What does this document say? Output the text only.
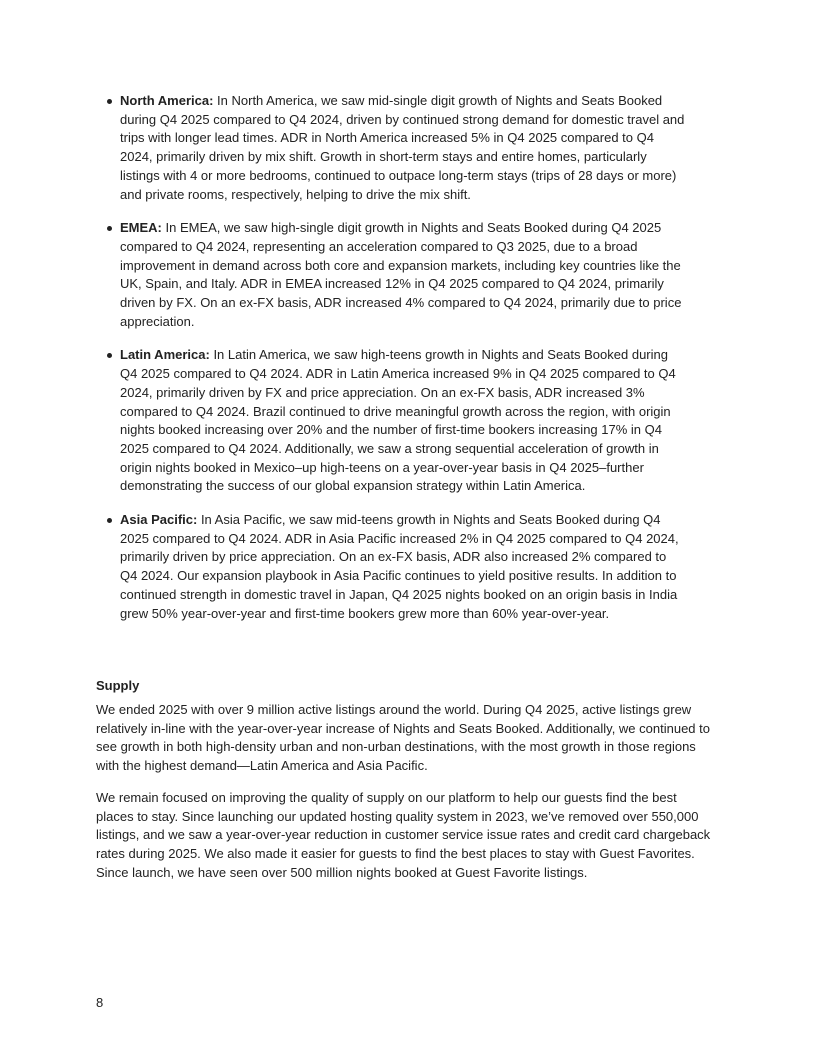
North America: In North America, we saw mid-single digit growth of Nights and Seats Booked during Q4 2025 compared to Q4 2024, driven by continued strong demand for domestic travel and trips with longer lead times. ADR in North America increased 5% in Q4 2025 compared to Q4 2024, primarily driven by mix shift. Growth in short-term stays and entire homes, particularly listings with 4 or more bedrooms, continued to outpace long-term stays (trips of 28 days or more) and private rooms, respectively, helping to drive the mix shift.
EMEA: In EMEA, we saw high-single digit growth in Nights and Seats Booked during Q4 2025 compared to Q4 2024, representing an acceleration compared to Q3 2025, due to a broad improvement in demand across both core and expansion markets, including key countries like the UK, Spain, and Italy. ADR in EMEA increased 12% in Q4 2025 compared to Q4 2024, primarily driven by FX. On an ex-FX basis, ADR increased 4% compared to Q4 2024, primarily due to price appreciation.
Latin America: In Latin America, we saw high-teens growth in Nights and Seats Booked during Q4 2025 compared to Q4 2024. ADR in Latin America increased 9% in Q4 2025 compared to Q4 2024, primarily driven by FX and price appreciation. On an ex-FX basis, ADR increased 3% compared to Q4 2024. Brazil continued to drive meaningful growth across the region, with origin nights booked increasing over 20% and the number of first-time bookers increasing 17% in Q4 2025 compared to Q4 2024. Additionally, we saw a strong sequential acceleration of growth in origin nights booked in Mexico–up high-teens on a year-over-year basis in Q4 2025–further demonstrating the success of our global expansion strategy within Latin America.
Asia Pacific: In Asia Pacific, we saw mid-teens growth in Nights and Seats Booked during Q4 2025 compared to Q4 2024. ADR in Asia Pacific increased 2% in Q4 2025 compared to Q4 2024, primarily driven by price appreciation. On an ex-FX basis, ADR also increased 2% compared to Q4 2024. Our expansion playbook in Asia Pacific continues to yield positive results. In addition to continued strength in domestic travel in Japan, Q4 2025 nights booked on an origin basis in India grew 50% year-over-year and first-time bookers grew more than 60% year-over-year.
Supply

We ended 2025 with over 9 million active listings around the world. During Q4 2025, active listings grew relatively in-line with the year-over-year increase of Nights and Seats Booked. Additionally, we continued to see growth in both high-density urban and non-urban destinations, with the most growth in those regions with the highest demand—Latin America and Asia Pacific.

We remain focused on improving the quality of supply on our platform to help our guests find the best places to stay. Since launching our updated hosting quality system in 2023, we’ve removed over 550,000 listings, and we saw a year-over-year reduction in customer service issue rates and credit card chargeback rates during 2025. We also made it easier for guests to find the best places to stay with Guest Favorites. Since launch, we have seen over 500 million nights booked at Guest Favorite listings.

8
